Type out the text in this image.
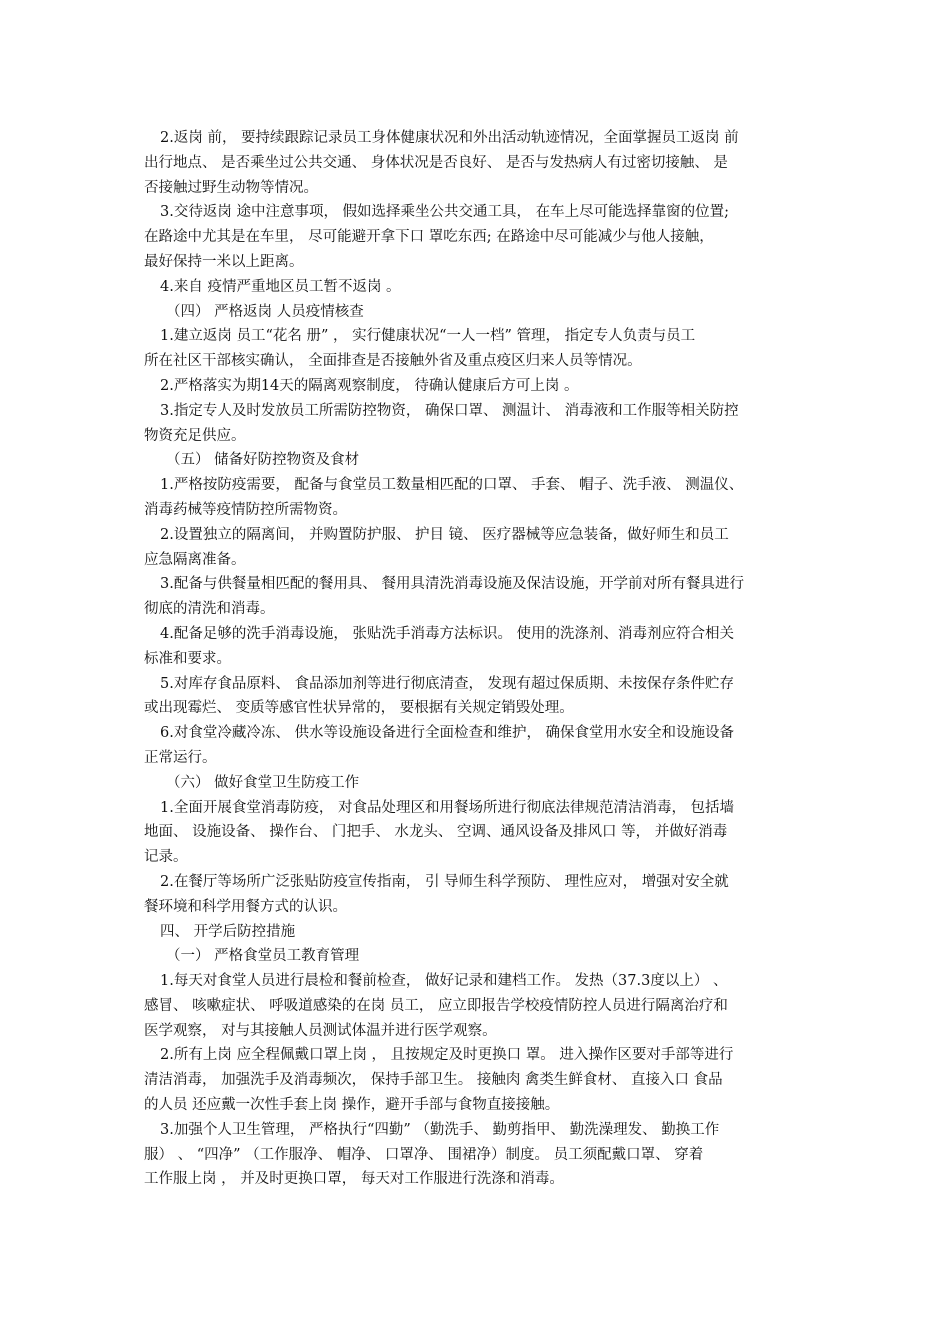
2.返岗 前， 要持续跟踪记录员工身体健康状况和外出活动轨迹情况，全面掌握员工返岗 前
出行地点、 是否乘坐过公共交通、 身体状况是否良好、 是否与发热病人有过密切接触、 是
否接触过野生动物等情况。
3.交待返岗 途中注意事项， 假如选择乘坐公共交通工具， 在车上尽可能选择靠窗的位置;
在路途中尤其是在车里， 尽可能避开拿下口 罩吃东西; 在路途中尽可能减少与他人接触，
最好保持一米以上距离。
4.来自 疫情严重地区员工暂不返岗 。
（四） 严格返岗 人员疫情核查
1.建立返岗 员工“花名 册” ， 实行健康状况“一人一档” 管理， 指定专人负责与员工
所在社区干部核实确认， 全面排查是否接触外省及重点疫区归来人员等情况。
2.严格落实为期14天的隔离观察制度， 待确认健康后方可上岗 。
3.指定专人及时发放员工所需防控物资， 确保口罩、 测温计、 消毒液和工作服等相关防控
物资充足供应。
（五） 储备好防控物资及食材
1.严格按防疫需要， 配备与食堂员工数量相匹配的口罩、 手套、 帽子、洗手液、 测温仪、
消毒药械等疫情防控所需物资。
2.设置独立的隔离间， 并购置防护服、 护目 镜、 医疗器械等应急装备，做好师生和员工
应急隔离准备。
3.配备与供餐量相匹配的餐用具、 餐用具清洗消毒设施及保洁设施，开学前对所有餐具进行
彻底的清洗和消毒。
4.配备足够的洗手消毒设施， 张贴洗手消毒方法标识。 使用的洗涤剂、消毒剂应符合相关
标准和要求。
5.对库存食品原料、 食品添加剂等进行彻底清查， 发现有超过保质期、未按保存条件贮存
或出现霉烂、 变质等感官性状异常的， 要根据有关规定销毁处理。
6.对食堂冷藏冷冻、 供水等设施设备进行全面检查和维护， 确保食堂用水安全和设施设备
正常运行。
（六） 做好食堂卫生防疫工作
1.全面开展食堂消毒防疫， 对食品处理区和用餐场所进行彻底法律规范清洁消毒， 包括墙
地面、 设施设备、 操作台、 门把手、 水龙头、 空调、通风设备及排风口 等， 并做好消毒
记录。
2.在餐厅等场所广泛张贴防疫宣传指南， 引 导师生科学预防、 理性应对， 增强对安全就
餐环境和科学用餐方式的认识。
四、 开学后防控措施
（一） 严格食堂员工教育管理
1.每天对食堂人员进行晨检和餐前检查， 做好记录和建档工作。 发热（37.3度以上） 、
感冒、 咳嗽症状、 呼吸道感染的在岗 员工， 应立即报告学校疫情防控人员进行隔离治疗和
医学观察， 对与其接触人员测试体温并进行医学观察。
2.所有上岗 应全程佩戴口罩上岗 ， 且按规定及时更换口 罩。 进入操作区要对手部等进行
清洁消毒， 加强洗手及消毒频次， 保持手部卫生。 接触肉 禽类生鲜食材、 直接入口 食品
的人员 还应戴一次性手套上岗 操作，避开手部与食物直接接触。
3.加强个人卫生管理， 严格执行“四勤” （勤洗手、 勤剪指甲、 勤洗澡理发、 勤换工作
服） 、 “四净” （工作服净、 帽净、 口罩净、 围裙净）制度。 员工须配戴口罩、 穿着
工作服上岗 ， 并及时更换口罩， 每天对工作服进行洗涤和消毒。
